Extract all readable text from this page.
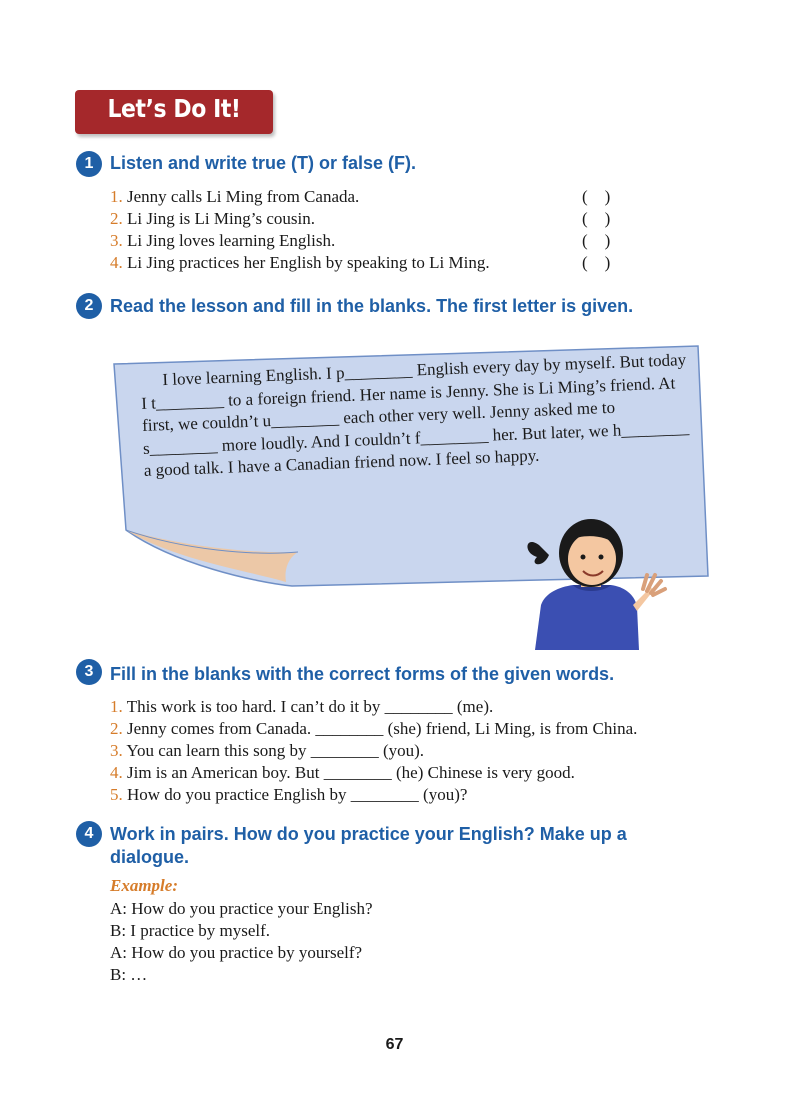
Let’s Do It!
1 Listen and write true (T) or false (F).
1. Jenny calls Li Ming from Canada.	(    )
2. Li Jing is Li Ming’s cousin.	(    )
3. Li Jing loves learning English.	(    )
4. Li Jing practices her English by speaking to Li Ming.	(    )
2 Read the lesson and fill in the blanks. The first letter is given.

I love learning English. I p________ English every day by myself. But today I t________ to a foreign friend. Her name is Jenny. She is Li Ming’s friend. At first, we couldn’t u________ each other very well. Jenny asked me to s________ more loudly. And I couldn’t f________ her. But later, we h________ a good talk. I have a Canadian friend now. I feel so happy.

3 Fill in the blanks with the correct forms of the given words.
1. This work is too hard. I can’t do it by ________ (me).
2. Jenny comes from Canada. ________ (she) friend, Li Ming, is from China.
3. You can learn this song by ________ (you).
4. Jim is an American boy. But ________ (he) Chinese is very good.
5. How do you practice English by ________ (you)?
4 Work in pairs. How do you practice your English? Make up a
dialogue.
Example:
A: How do you practice your English?
B: I practice by myself.
A: How do you practice by yourself?
B: …
67
